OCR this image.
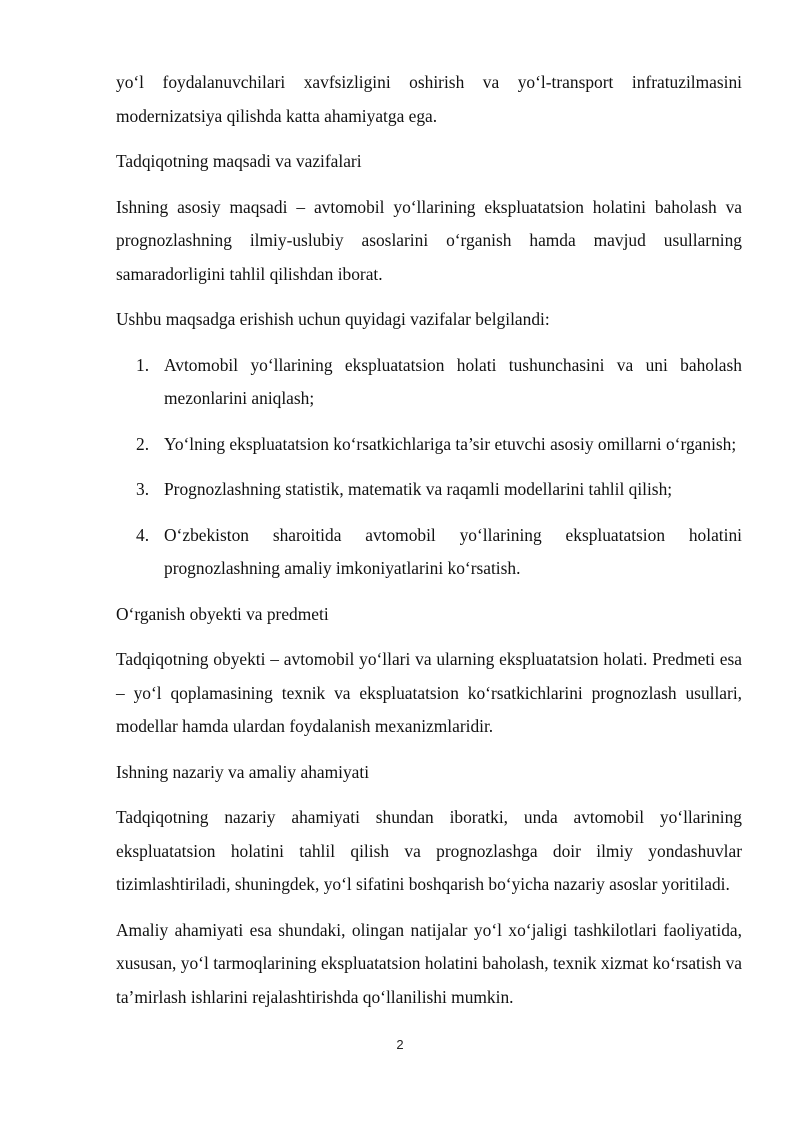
yo‘l foydalanuvchilari xavfsizligini oshirish va yo‘l-transport infratuzilmasini modernizatsiya qilishda katta ahamiyatga ega.

Tadqiqotning maqsadi va vazifalari

Ishning asosiy maqsadi – avtomobil yo‘llarining ekspluatatsion holatini baholash va prognozlashning ilmiy-uslubiy asoslarini o‘rganish hamda mavjud usullarning samaradorligini tahlil qilishdan iborat.

Ushbu maqsadga erishish uchun quyidagi vazifalar belgilandi:

1. Avtomobil yo‘llarining ekspluatatsion holati tushunchasini va uni baholash mezonlarini aniqlash;
2. Yo‘lning ekspluatatsion ko‘rsatkichlariga ta’sir etuvchi asosiy omillarni o‘rganish;
3. Prognozlashning statistik, matematik va raqamli modellarini tahlil qilish;
4. O‘zbekiston sharoitida avtomobil yo‘llarining ekspluatatsion holatini prognozlashning amaliy imkoniyatlarini ko‘rsatish.

O‘rganish obyekti va predmeti

Tadqiqotning obyekti – avtomobil yo‘llari va ularning ekspluatatsion holati. Predmeti esa – yo‘l qoplamasining texnik va ekspluatatsion ko‘rsatkichlarini prognozlash usullari, modellar hamda ulardan foydalanish mexanizmlaridir.

Ishning nazariy va amaliy ahamiyati

Tadqiqotning nazariy ahamiyati shundan iboratki, unda avtomobil yo‘llarining ekspluatatsion holatini tahlil qilish va prognozlashga doir ilmiy yondashuvlar tizimlashtiriladi, shuningdek, yo‘l sifatini boshqarish bo‘yicha nazariy asoslar yoritiladi.

Amaliy ahamiyati esa shundaki, olingan natijalar yo‘l xo‘jaligi tashkilotlari faoliyatida, xususan, yo‘l tarmoqlarining ekspluatatsion holatini baholash, texnik xizmat ko‘rsatish va ta’mirlash ishlarini rejalashtirishda qo‘llanilishi mumkin.

2
